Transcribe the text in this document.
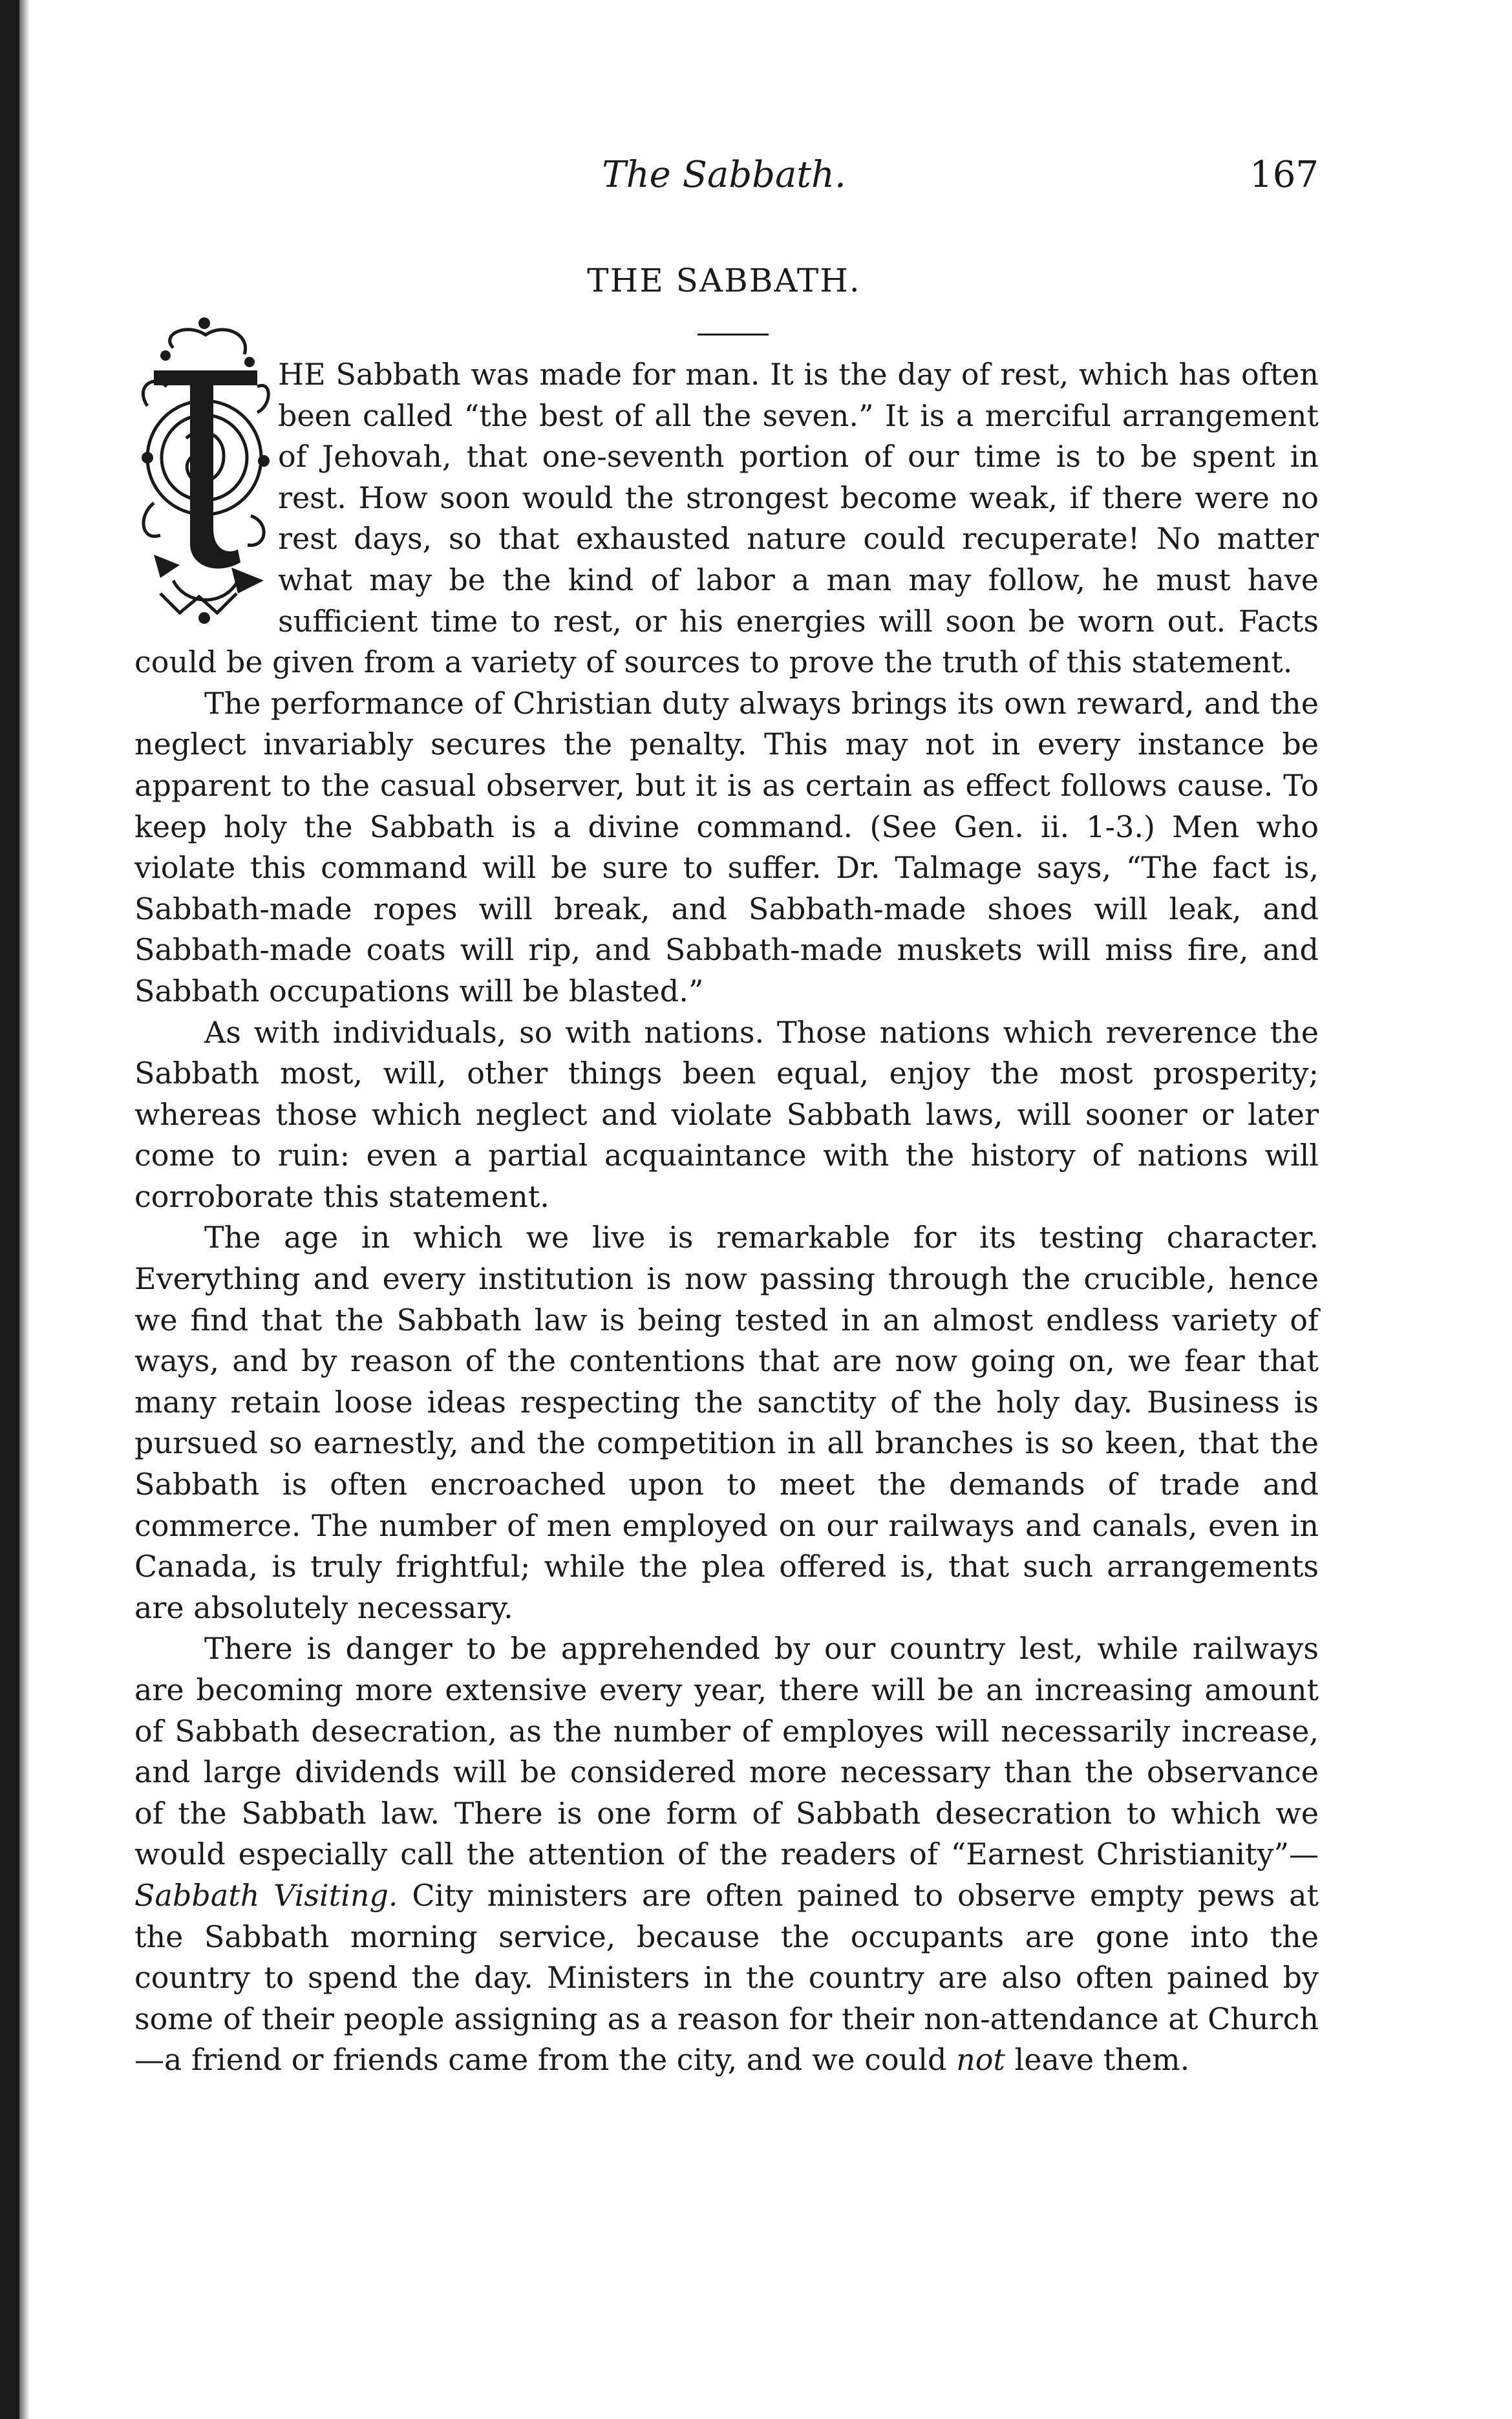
The Sabbath.	167
THE SABBATH.

HE Sabbath was made for man. It is the day of rest, which has often been called “the best of all the seven.” It is a merciful arrangement of Jehovah, that one-seventh portion of our time is to be spent in rest. How soon would the strongest become weak, if there were no rest days, so that exhausted nature could recuperate! No matter what may be the kind of labor a man may follow, he must have sufficient time to rest, or his energies will soon be worn out. Facts could be given from a variety of sources to prove the truth of this statement.

The performance of Christian duty always brings its own reward, and the neglect invariably secures the penalty. This may not in every instance be apparent to the casual observer, but it is as certain as effect follows cause. To keep holy the Sabbath is a divine command. (See Gen. ii. 1-3.) Men who violate this command will be sure to suffer. Dr. Talmage says, “The fact is, Sabbath-made ropes will break, and Sabbath-made shoes will leak, and Sabbath-made coats will rip, and Sabbath-made muskets will miss fire, and Sabbath occupations will be blasted.”

As with individuals, so with nations. Those nations which reverence the Sabbath most, will, other things been equal, enjoy the most prosperity; whereas those which neglect and violate Sabbath laws, will sooner or later come to ruin: even a partial acquaintance with the history of nations will corroborate this statement.

The age in which we live is remarkable for its testing character. Everything and every institution is now passing through the crucible, hence we find that the Sabbath law is being tested in an almost endless variety of ways, and by reason of the contentions that are now going on, we fear that many retain loose ideas respecting the sanctity of the holy day. Business is pursued so earnestly, and the competition in all branches is so keen, that the Sabbath is often encroached upon to meet the demands of trade and commerce. The number of men employed on our railways and canals, even in Canada, is truly frightful; while the plea offered is, that such arrangements are absolutely necessary.

There is danger to be apprehended by our country lest, while railways are becoming more extensive every year, there will be an increasing amount of Sabbath desecration, as the number of employes will necessarily increase, and large dividends will be considered more necessary than the observance of the Sabbath law. There is one form of Sabbath desecration to which we would especially call the attention of the readers of “Earnest Christianity”—Sabbath Visiting. City ministers are often pained to observe empty pews at the Sabbath morning service, because the occupants are gone into the country to spend the day. Ministers in the country are also often pained by some of their people assigning as a reason for their non-attendance at Church—a friend or friends came from the city, and we could not leave them.
